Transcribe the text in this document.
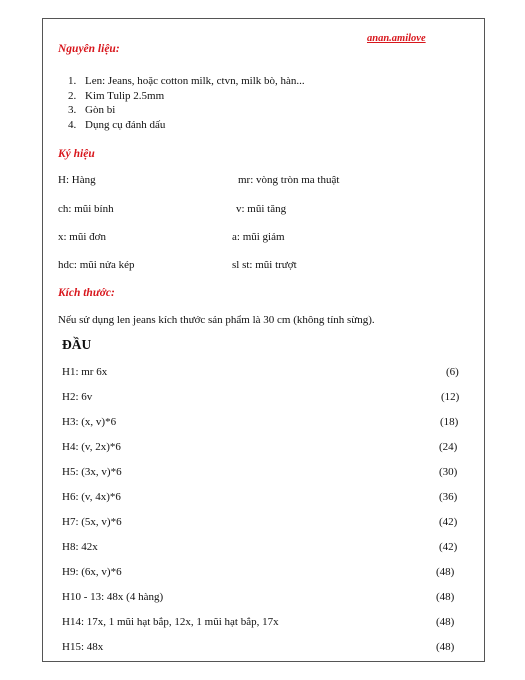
anan.amilove
Nguyên liệu:
1. Len: Jeans, hoặc cotton milk, ctvn, milk bò, hàn...
2. Kim Tulip 2.5mm
3. Gòn bi
4. Dụng cụ đánh dấu
Ký hiệu
H: Hàng	mr: vòng tròn ma thuật
ch: mũi bính	v: mũi tăng
x: mũi đơn	a: mũi giảm
hdc: mũi nửa kép	sl st: mũi trượt
Kích thước:
Nếu sử dụng len jeans kích thước sản phẩm là 30 cm (không tính sừng).
ĐẦU
H1: mr 6x	(6)
H2: 6v	(12)
H3: (x, v)*6	(18)
H4: (v, 2x)*6	(24)
H5: (3x, v)*6	(30)
H6: (v, 4x)*6	(36)
H7: (5x, v)*6	(42)
H8: 42x	(42)
H9: (6x, v)*6	(48)
H10 - 13: 48x (4 hàng)	(48)
H14: 17x, 1 mũi hạt bắp, 12x, 1 mũi hạt bắp, 17x	(48)
H15: 48x	(48)
